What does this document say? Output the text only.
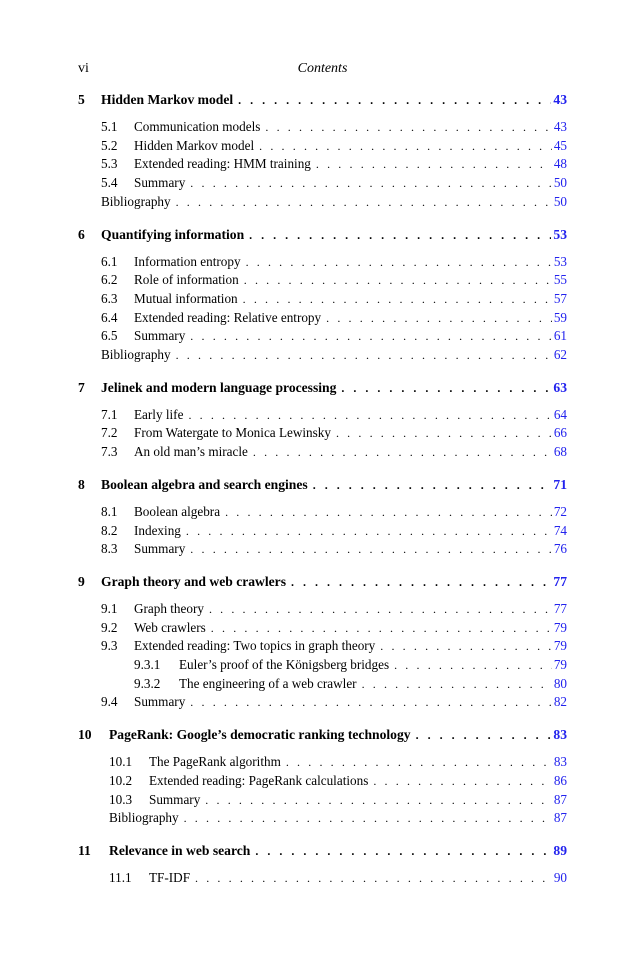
vi	Contents
5	Hidden Markov model . . .	43
5.1	Communication models . . .	43
5.2	Hidden Markov model . . .	45
5.3	Extended reading: HMM training . . .	48
5.4	Summary . . .	50
Bibliography . . .	50
6	Quantifying information . . .	53
6.1	Information entropy . . .	53
6.2	Role of information . . .	55
6.3	Mutual information . . .	57
6.4	Extended reading: Relative entropy . . .	59
6.5	Summary . . .	61
Bibliography . . .	62
7	Jelinek and modern language processing . . .	63
7.1	Early life . . .	64
7.2	From Watergate to Monica Lewinsky . . .	66
7.3	An old man’s miracle . . .	68
8	Boolean algebra and search engines . . .	71
8.1	Boolean algebra . . .	72
8.2	Indexing . . .	74
8.3	Summary . . .	76
9	Graph theory and web crawlers . . .	77
9.1	Graph theory . . .	77
9.2	Web crawlers . . .	79
9.3	Extended reading: Two topics in graph theory . . .	79
9.3.1	Euler’s proof of the Königsberg bridges . . .	79
9.3.2	The engineering of a web crawler . . .	80
9.4	Summary . . .	82
10	PageRank: Google’s democratic ranking technology . . .	83
10.1	The PageRank algorithm . . .	83
10.2	Extended reading: PageRank calculations . . .	86
10.3	Summary . . .	87
Bibliography . . .	87
11	Relevance in web search . . .	89
11.1	TF-IDF . . .	90
